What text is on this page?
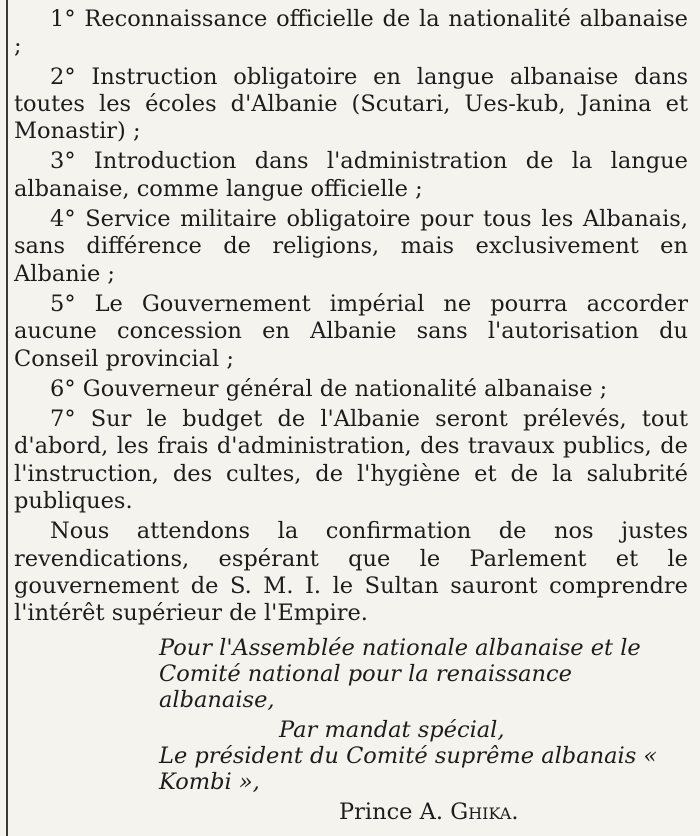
1° Reconnaissance officielle de la nationalité albanaise ;

2° Instruction obligatoire en langue albanaise dans toutes les écoles d'Albanie (Scutari, Ues-kub, Janina et Monastir) ;

3° Introduction dans l'administration de la langue albanaise, comme langue officielle ;

4° Service militaire obligatoire pour tous les Albanais, sans différence de religions, mais exclusivement en Albanie ;

5° Le Gouvernement impérial ne pourra accorder aucune concession en Albanie sans l'autorisation du Conseil provincial ;

6° Gouverneur général de nationalité albanaise ;

7° Sur le budget de l'Albanie seront prélevés, tout d'abord, les frais d'administration, des travaux publics, de l'instruction, des cultes, de l'hygiène et de la salubrité publiques.

Nous attendons la confirmation de nos justes revendications, espérant que le Parlement et le gouvernement de S. M. I. le Sultan sauront comprendre l'intérêt supérieur de l'Empire.

Pour l'Assemblée nationale albanaise et le Comité national pour la renaissance albanaise,

Par mandat spécial,

Le président du Comité suprême albanais « Kombi »,

Prince A. Ghika.
